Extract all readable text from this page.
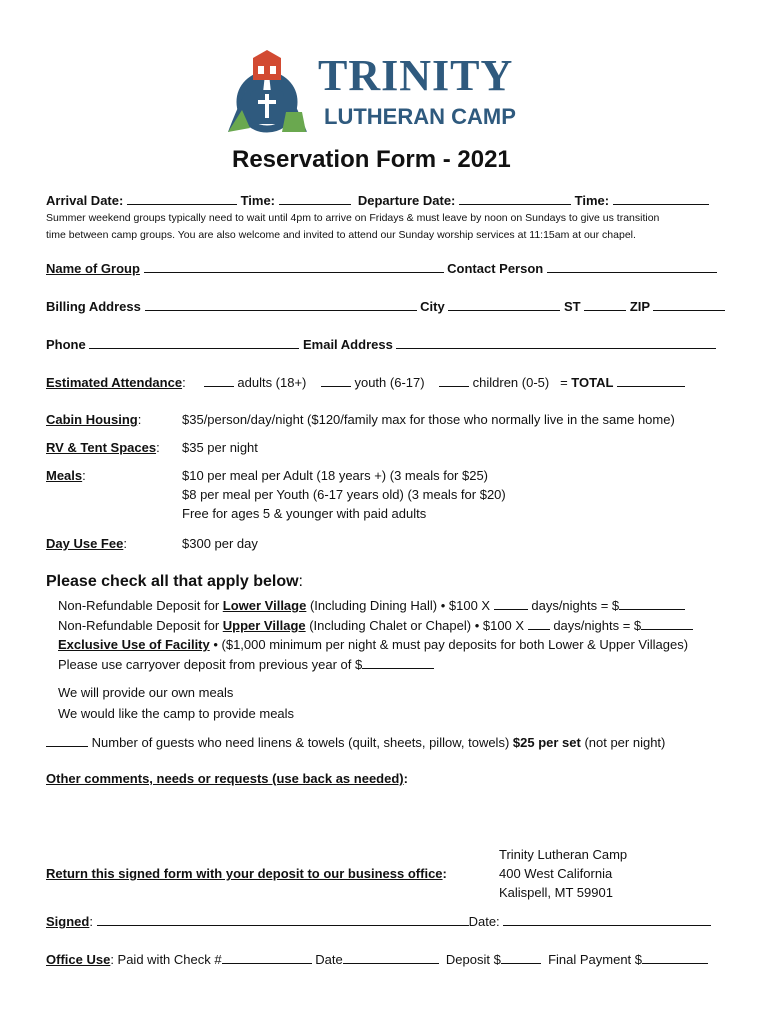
TRINITY
LUTHERAN CAMP
Reservation Form - 2021
Arrival Date:	Time:	Departure Date:	Time:
Summer weekend groups typically need to wait until 4pm to arrive on Fridays & must leave by noon on Sundays to give us transition
time between camp groups. You are also welcome and invited to attend our Sunday worship services at 11:15am at our chapel.
Name of Group	Contact Person
Billing Address	City	ST	ZIP
Phone	Email Address
Estimated Attendance:	adults (18+)	youth (6-17)	children (0-5) = TOTAL
Cabin Housing:	$35/person/day/night ($120/family max for those who normally live in the same home)
RV & Tent Spaces: $35 per night
Meals:	$10 per meal per Adult (18 years +) (3 meals for $25)
$8 per meal per Youth (6-17 years old) (3 meals for $20)
Free for ages 5 & younger with paid adults
Day Use Fee:	$300 per day
Please check all that apply below:
Non-Refundable Deposit for Lower Village (Including Dining Hall) • $100 X	days/nights = $
Non-Refundable Deposit for Upper Village (Including Chalet or Chapel) • $100 X days/nights = $
Exclusive Use of Facility • ($1,000 minimum per night & must pay deposits for both Lower & Upper Villages)
Please use carryover deposit from previous year of $
We will provide our own meals
We would like the camp to provide meals
Number of guests who need linens & towels (quilt, sheets, pillow, towels) $25 per set (not per night)
Other comments, needs or requests (use back as needed):
Return this signed form with your deposit to our business office:
Trinity Lutheran Camp
400 West California
Kalispell, MT 59901
Signed:	Date:
Office Use: Paid with Check #	Date	Deposit $	Final Payment $
